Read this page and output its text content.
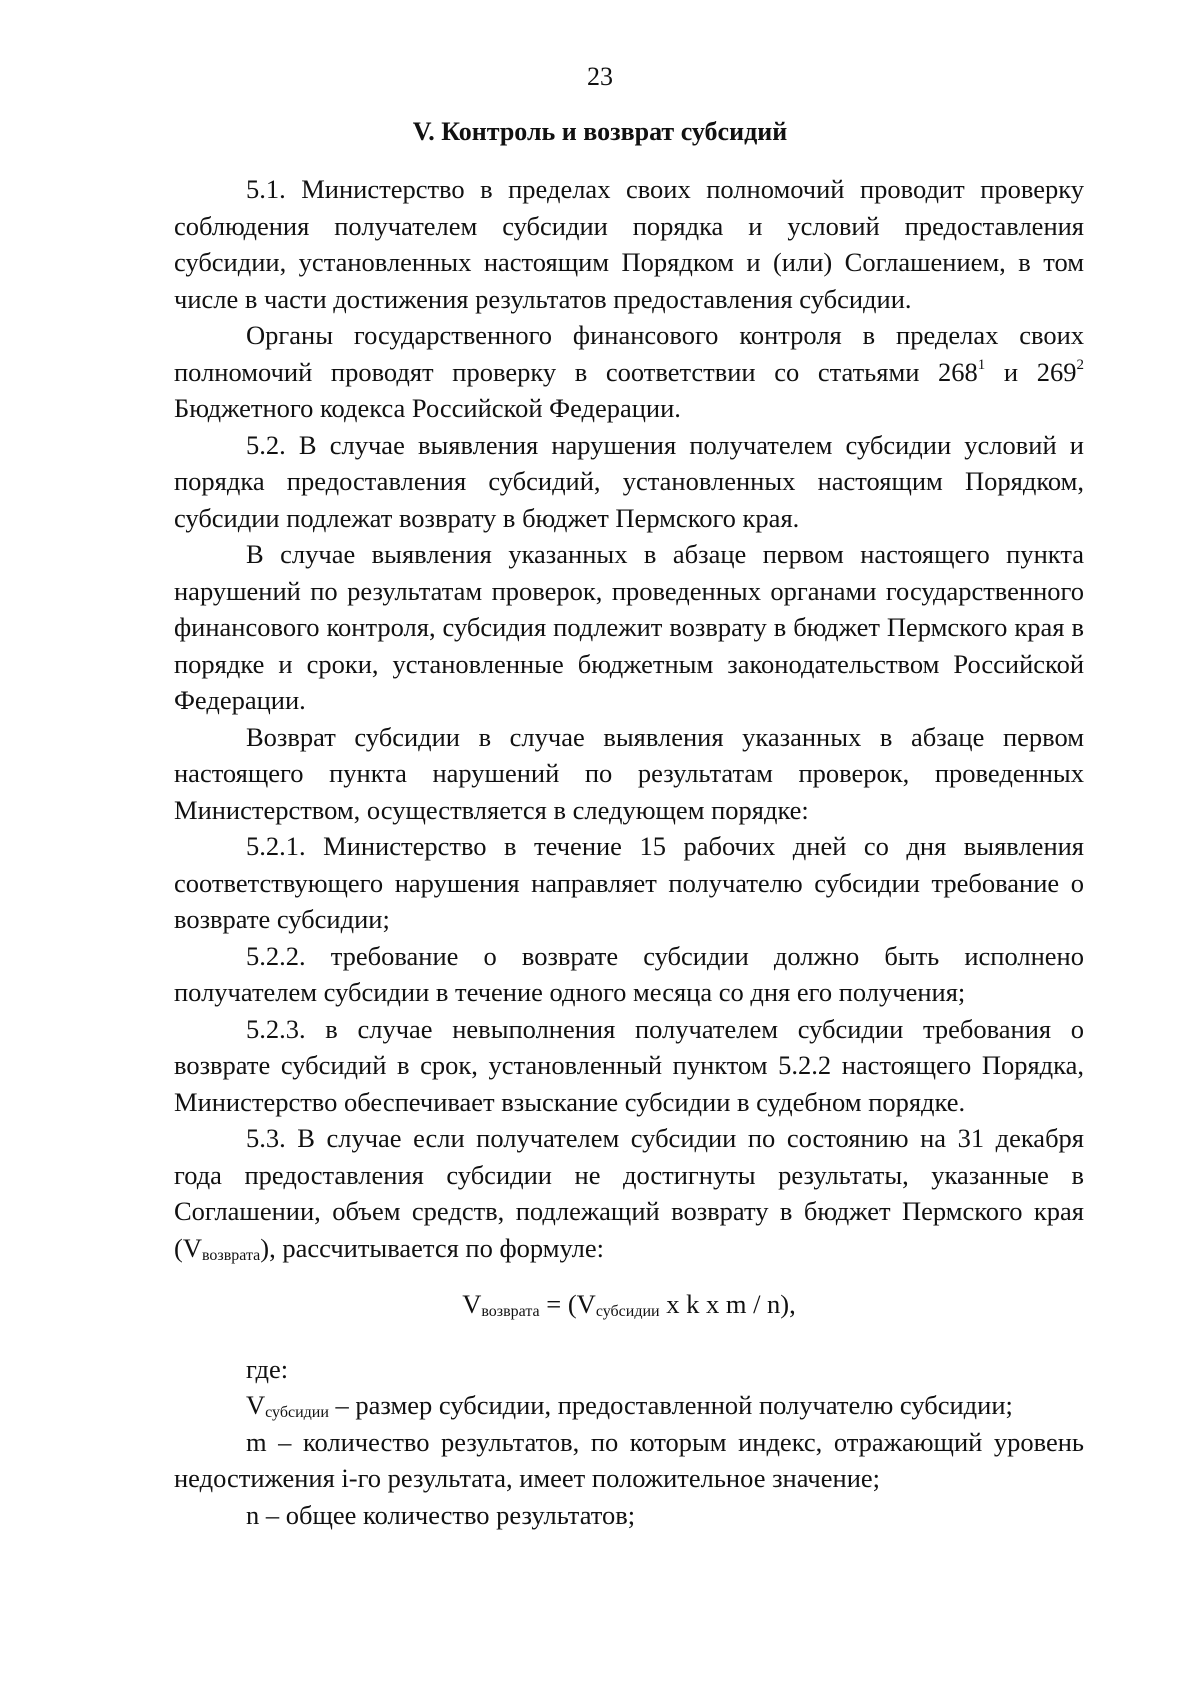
23
V. Контроль и возврат субсидий

5.1. Министерство в пределах своих полномочий проводит проверку соблюдения получателем субсидии порядка и условий предоставления субсидии, установленных настоящим Порядком и (или) Соглашением, в том числе в части достижения результатов предоставления субсидии.

Органы государственного финансового контроля в пределах своих полномочий проводят проверку в соответствии со статьями $268^1$ и $269^2$ Бюджетного кодекса Российской Федерации.

5.2. В случае выявления нарушения получателем субсидии условий и порядка предоставления субсидий, установленных настоящим Порядком, субсидии подлежат возврату в бюджет Пермского края.

В случае выявления указанных в абзаце первом настоящего пункта нарушений по результатам проверок, проведенных органами государственного финансового контроля, субсидия подлежит возврату в бюджет Пермского края в порядке и сроки, установленные бюджетным законодательством Российской Федерации.

Возврат субсидии в случае выявления указанных в абзаце первом настоящего пункта нарушений по результатам проверок, проведенных Министерством, осуществляется в следующем порядке:

5.2.1. Министерство в течение 15 рабочих дней со дня выявления соответствующего нарушения направляет получателю субсидии требование о возврате субсидии;

5.2.2. требование о возврате субсидии должно быть исполнено получателем субсидии в течение одного месяца со дня его получения;

5.2.3. в случае невыполнения получателем субсидии требования о возврате субсидий в срок, установленный пунктом 5.2.2 настоящего Порядка, Министерство обеспечивает взыскание субсидии в судебном порядке.

5.3. В случае если получателем субсидии по состоянию на 31 декабря года предоставления субсидии не достигнуты результаты, указанные в Соглашении, объем средств, подлежащий возврату в бюджет Пермского края $(V_{возврата})$, рассчитывается по формуле:

$V_{возврата} = (V_{субсидии}$ x k x m / n),

где:

$V_{субсидии}$ – размер субсидии, предоставленной получателю субсидии;

m – количество результатов, по которым индекс, отражающий уровень недостижения i-го результата, имеет положительное значение;

n – общее количество результатов;
